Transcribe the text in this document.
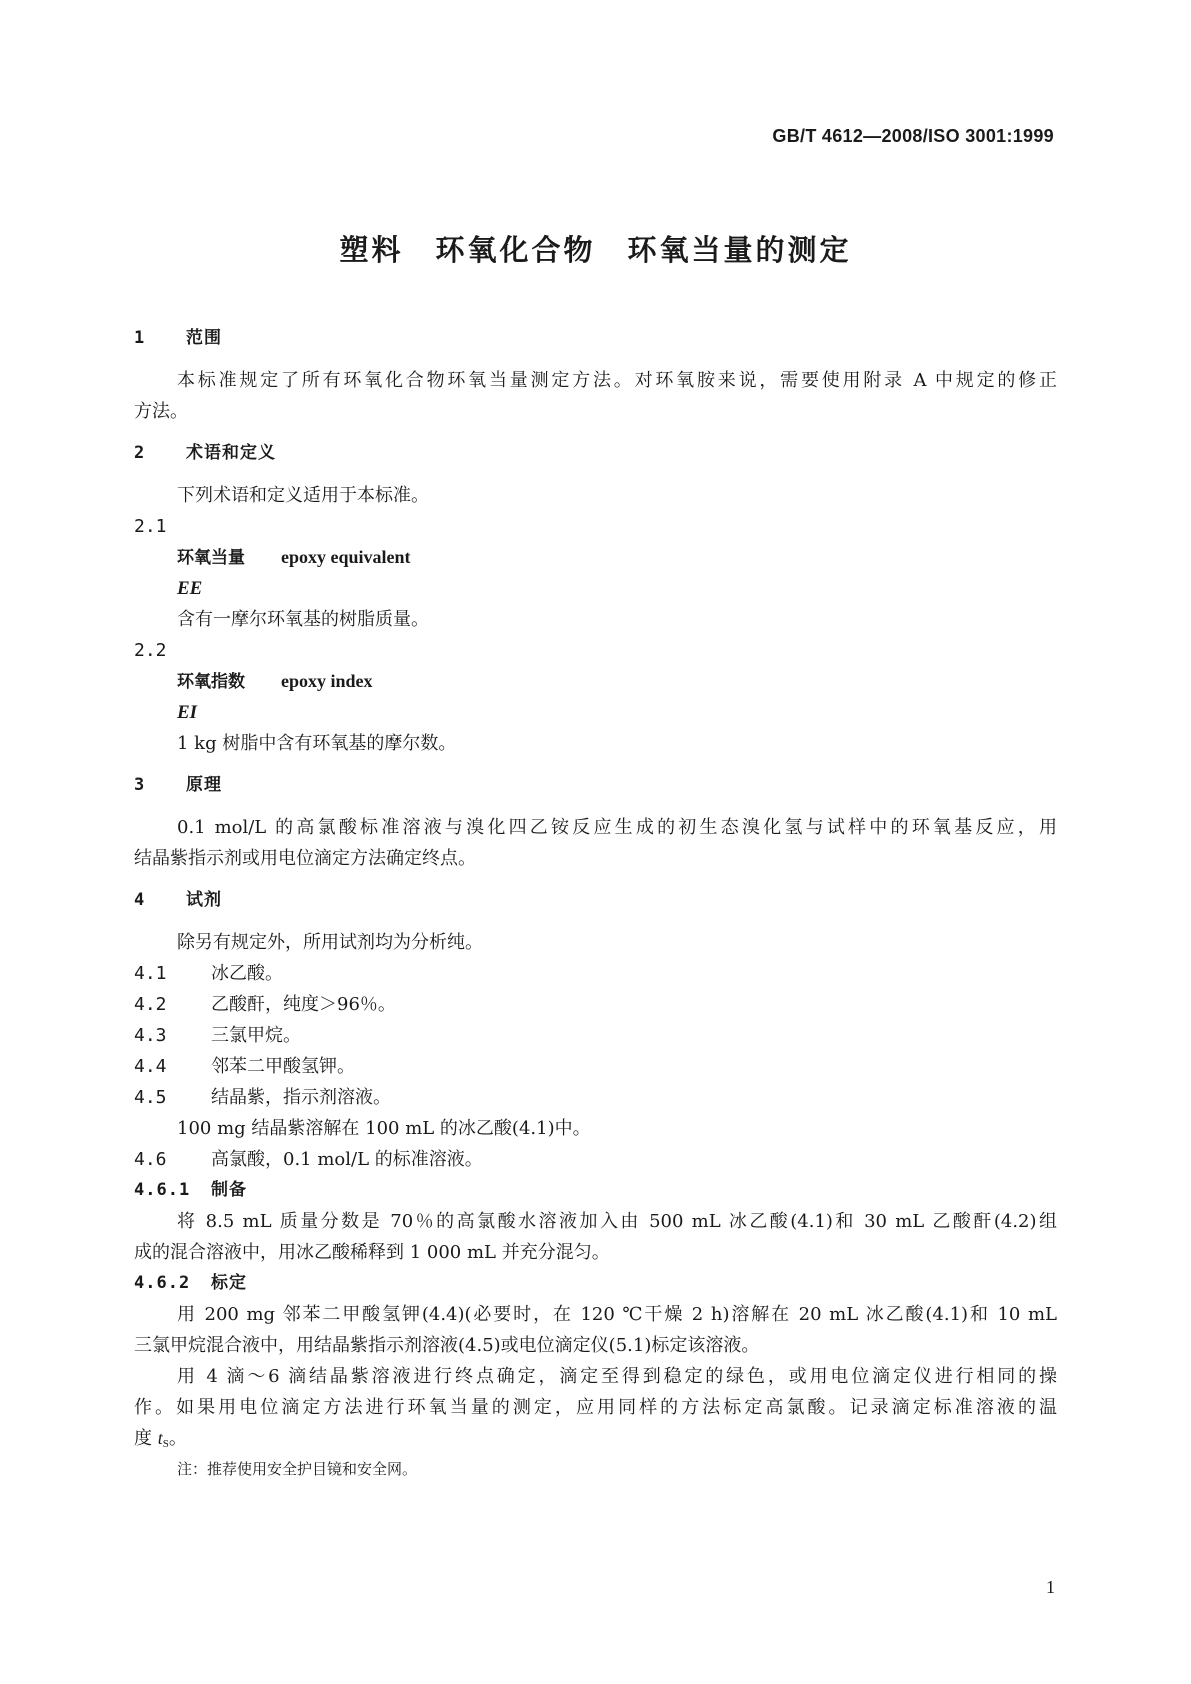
GB/T 4612—2008/ISO 3001:1999
塑料　环氧化合物　环氧当量的测定
1 范围
本标准规定了所有环氧化合物环氧当量测定方法。对环氧胺来说，需要使用附录 A 中规定的修正
方法。
2 术语和定义
下列术语和定义适用于本标准。
2.1
环氧当量 epoxy equivalent
EE
含有一摩尔环氧基的树脂质量。
2.2
环氧指数 epoxy index
EI
1 kg 树脂中含有环氧基的摩尔数。
3 原理
0.1 mol/L 的高氯酸标准溶液与溴化四乙铵反应生成的初生态溴化氢与试样中的环氧基反应，用
结晶紫指示剂或用电位滴定方法确定终点。
4 试剂
除另有规定外，所用试剂均为分析纯。
4.1 冰乙酸。
4.2 乙酸酐，纯度＞96％。
4.3 三氯甲烷。
4.4 邻苯二甲酸氢钾。
4.5 结晶紫，指示剂溶液。
100 mg 结晶紫溶解在 100 mL 的冰乙酸(4.1)中。
4.6 高氯酸，0.1 mol/L 的标准溶液。
4.6.1 制备
将 8.5 mL 质量分数是 70％的高氯酸水溶液加入由 500 mL 冰乙酸(4.1)和 30 mL 乙酸酐(4.2)组
成的混合溶液中，用冰乙酸稀释到 1 000 mL 并充分混匀。
4.6.2 标定
用 200 mg 邻苯二甲酸氢钾(4.4)(必要时，在 120 ℃干燥 2 h)溶解在 20 mL 冰乙酸(4.1)和 10 mL
三氯甲烷混合液中，用结晶紫指示剂溶液(4.5)或电位滴定仪(5.1)标定该溶液。
用 4 滴～6 滴结晶紫溶液进行终点确定，滴定至得到稳定的绿色，或用电位滴定仪进行相同的操
作。如果用电位滴定方法进行环氧当量的测定，应用同样的方法标定高氯酸。记录滴定标准溶液的温
度 $t_S$。
注：推荐使用安全护目镜和安全网。
1
